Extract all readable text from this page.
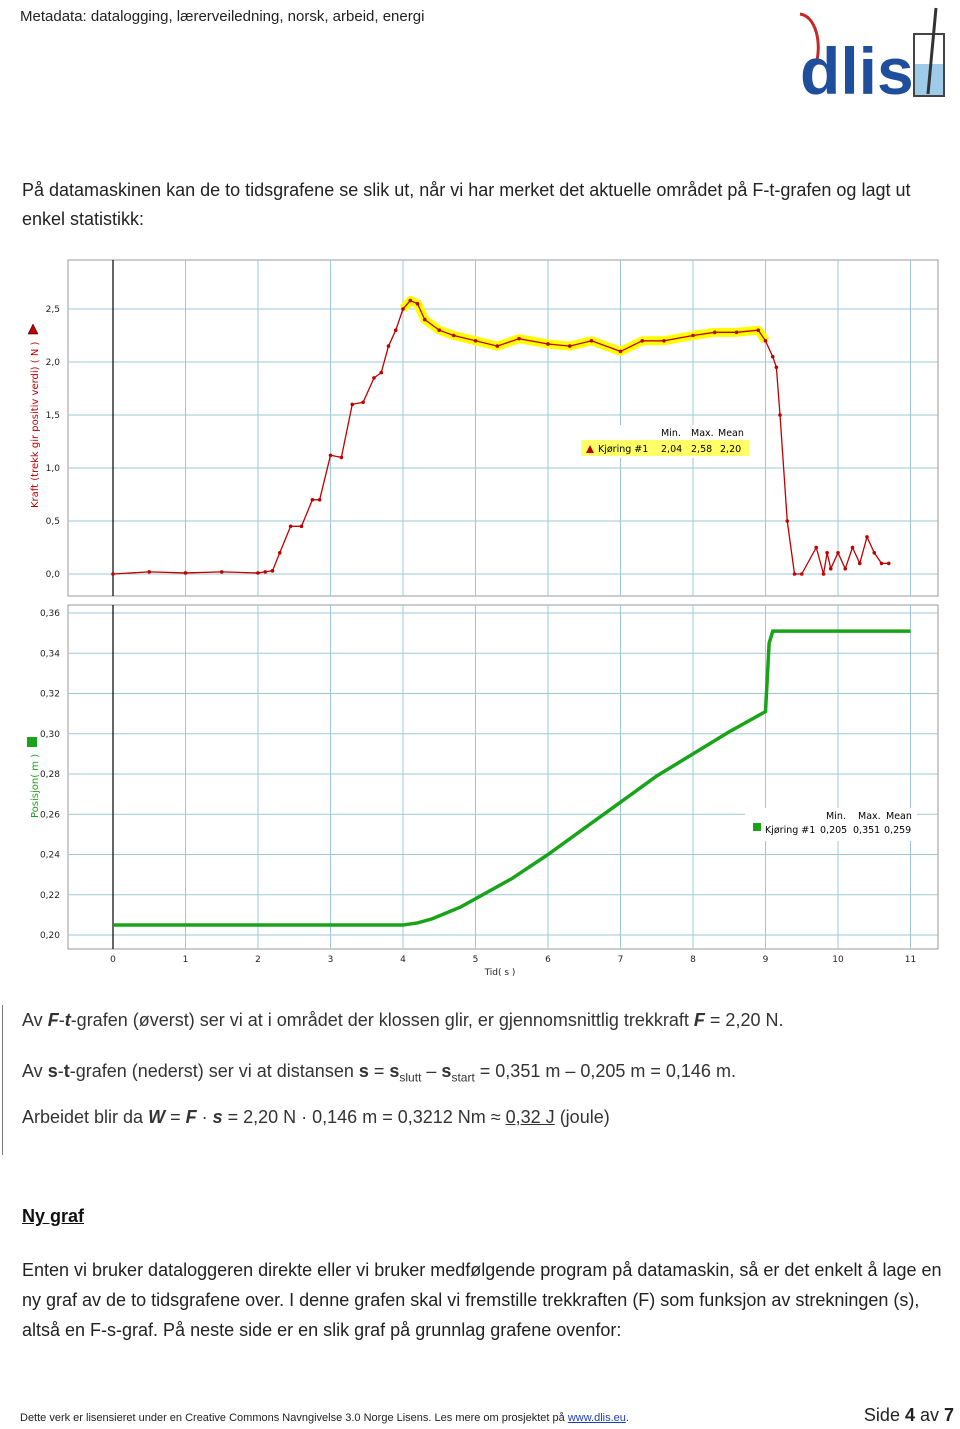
Metadata: datalogging, lærerveiledning, norsk, arbeid, energi
dlis
På datamaskinen kan de to tidsgrafene se slik ut, når vi har merket det aktuelle området på F-t-grafen og lagt ut enkel statistikk:
0,0
0,5
1,0
1,5
2,0
2,5
Kraft (trekk gir positiv verdi) ( N )	Min. Max. Mean
Kjøring #1 2,04 2,58 2,20
0,20
0,22
0,24
0,26
0,28
0,30
0,32
0,34
0,36
0	1	2	3	4	5	6	7	8	9	10	11
Posisjon( m )
Tid( s )
Min. Max. Mean
Kjøring #1 0,205 0,351 0,259
Av F-t-grafen (øverst) ser vi at i området der klossen glir, er gjennomsnittlig trekkraft F = 2,20 N.
Av s-t-grafen (nederst) ser vi at distansen $s = s_{slutt} - s_{start} = 0,351$ m – 0,205 m = 0,146 m.
Arbeidet blir da W = F · s = 2,20 N · 0,146 m = 0,3212 Nm ≈ 0,32 J (joule)
Ny graf
Enten vi bruker dataloggeren direkte eller vi bruker medfølgende program på datamaskin, så er det enkelt å lage en ny graf av de to tidsgrafene over. I denne grafen skal vi fremstille trekkraften (F) som funksjon av strekningen (s), altså en F-s-graf. På neste side er en slik graf på grunnlag grafene ovenfor:
Dette verk er lisensieret under en Creative Commons Navngivelse 3.0 Norge Lisens. Les mere om prosjektet på www.dlis.eu.	Side 4 av 7
